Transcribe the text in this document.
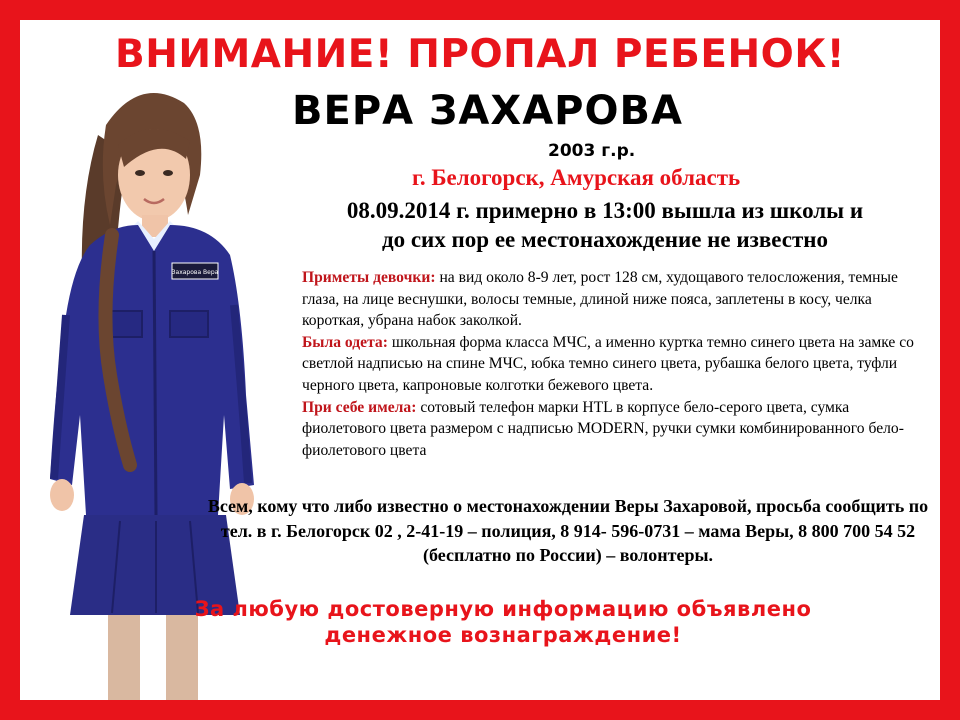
ВНИМАНИЕ! ПРОПАЛ РЕБЕНОК!
Захарова Вера
ВЕРА ЗАХАРОВА
2003 г.р.
г. Белогорск, Амурская область
08.09.2014 г. примерно в 13:00 вышла из школы и
до сих пор ее местонахождение не известно

Приметы девочки: на вид около 8-9 лет, рост 128 см, худощавого телосложения, темные глаза, на лице веснушки, волосы темные, длиной ниже пояса, заплетены в косу, челка короткая, убрана набок заколкой.

Была одета: школьная форма класса МЧС, а именно куртка темно синего цвета на замке со светлой надписью на спине МЧС, юбка темно синего цвета, рубашка белого цвета, туфли черного цвета, капроновые колготки бежевого цвета.

При себе имела: сотовый телефон марки HTL в корпусе бело-серого цвета, сумка фиолетового цвета размером с надписью MODERN, ручки сумки комбинированного бело-фиолетового цвета

Всем, кому что либо известно о местонахождении Веры Захаровой, просьба сообщить по тел. в г. Белогорск 02 , 2-41-19 – полиция, 8 914- 596-0731 – мама Веры, 8 800 700 54 52 (бесплатно по России) – волонтеры.
За любую достоверную информацию объявлено
денежное вознаграждение!
